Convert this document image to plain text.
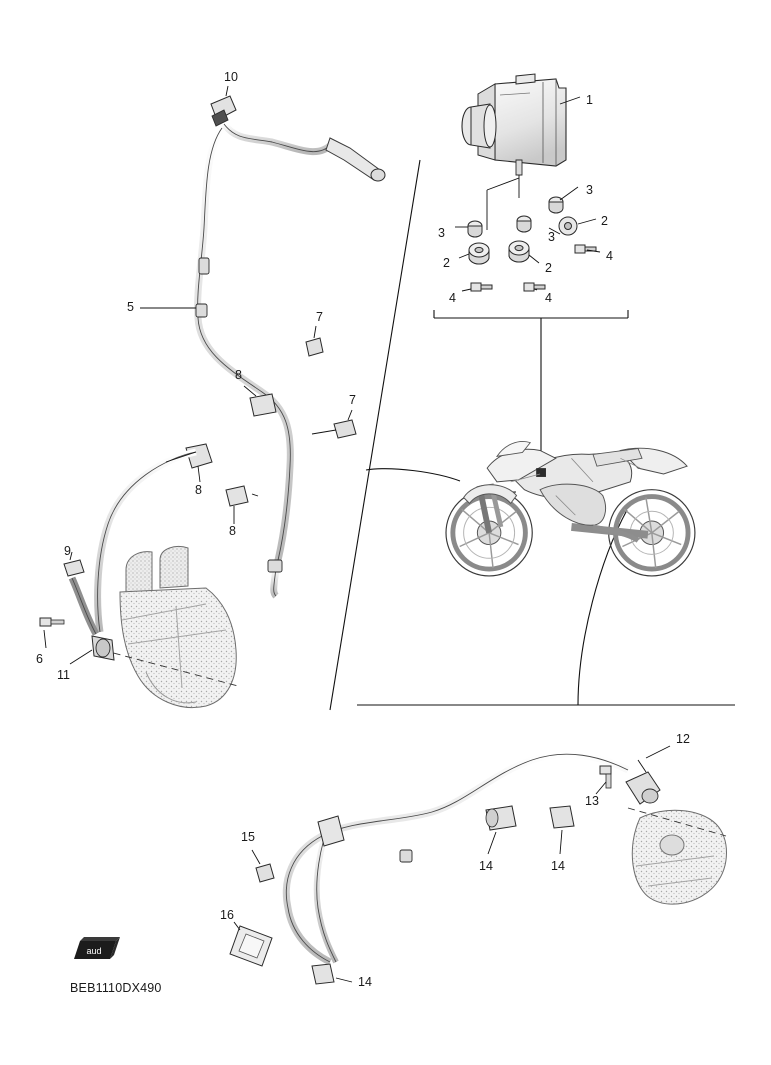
10
1
3
2
3	3
4
2	2
4	4
5
7
8
7
8
8
9
6
11
12
13
14	14
15
16
14
aud
BEB1110DX490
